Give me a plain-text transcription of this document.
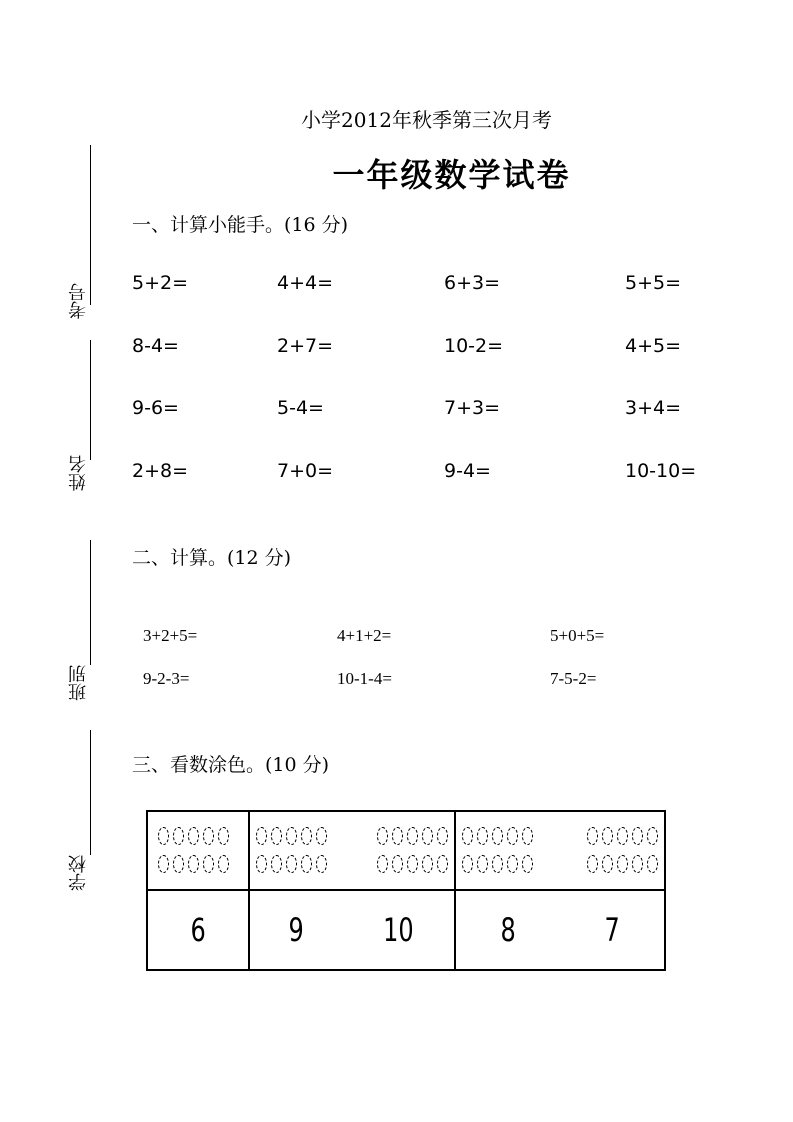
考号
姓名
班别
学校
小学2012年秋季第三次月考
一年级数学试卷
一、计算小能手。(16 分)
5+2=	4+4=	6+3=	5+5=
8-4=	2+7=	10-2=	4+5=
9-6=	5-4=	7+3=	3+4=
2+8=	7+0=	9-4=	10-10=
二、计算。(12 分)
3+2+5=	4+1+2=	5+0+5=
9-2-3=	10-1-4=	7-5-2=
三、看数涂色。(10 分)

6	9 10	8 7
